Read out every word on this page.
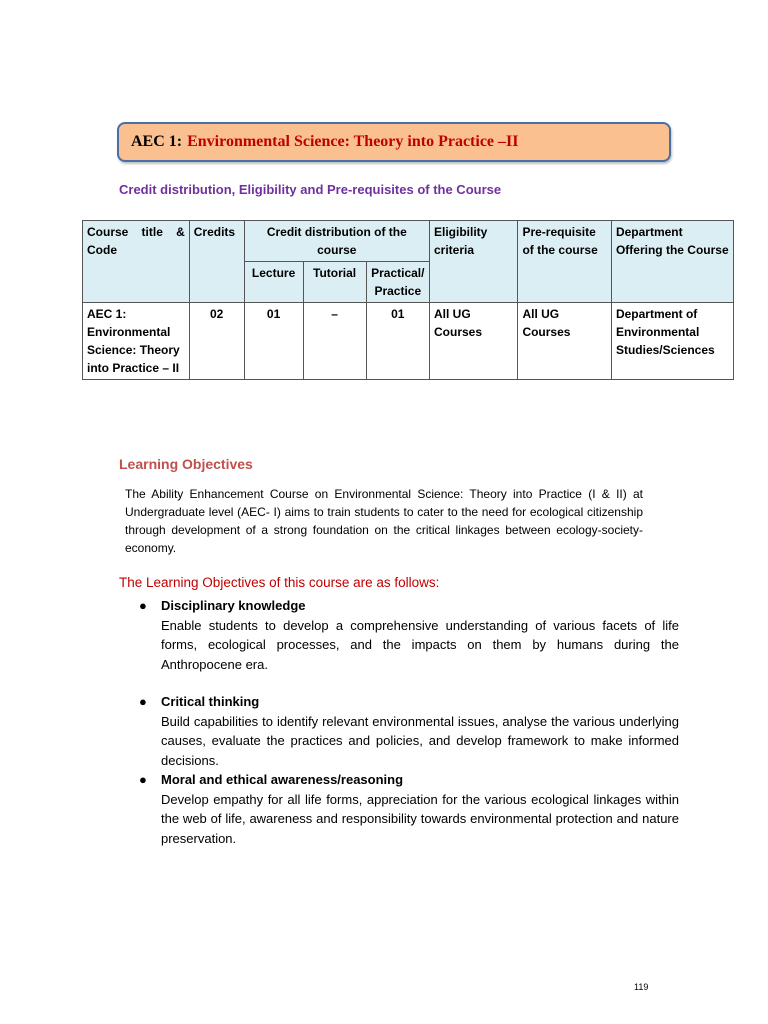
AEC 1: Environmental Science: Theory into Practice –II
Credit distribution, Eligibility and Pre-requisites of the Course
Course title & Code	Credits	Credit distribution of the course			Eligibility criteria	Pre-requisite of the course	Department Offering the Course
		Lecture	Tutorial	Practical/ Practice			
AEC 1: Environmental Science: Theory into Practice – II	02	01	–	01	All UG Courses	All UG Courses	Department of Environmental Studies/Sciences
Learning Objectives
The Ability Enhancement Course on Environmental Science: Theory into Practice (I & II) at Undergraduate level (AEC- I) aims to train students to cater to the need for ecological citizenship through development of a strong foundation on the critical linkages between ecology-society-economy.
The Learning Objectives of this course are as follows:
● Disciplinary knowledge
Enable students to develop a comprehensive understanding of various facets of life forms, ecological processes, and the impacts on them by humans during the Anthropocene era.
● Critical thinking
Build capabilities to identify relevant environmental issues, analyse the various underlying causes, evaluate the practices and policies, and develop framework to make informed decisions.
● Moral and ethical awareness/reasoning
Develop empathy for all life forms, appreciation for the various ecological linkages within the web of life, awareness and responsibility towards environmental protection and nature preservation.
119
